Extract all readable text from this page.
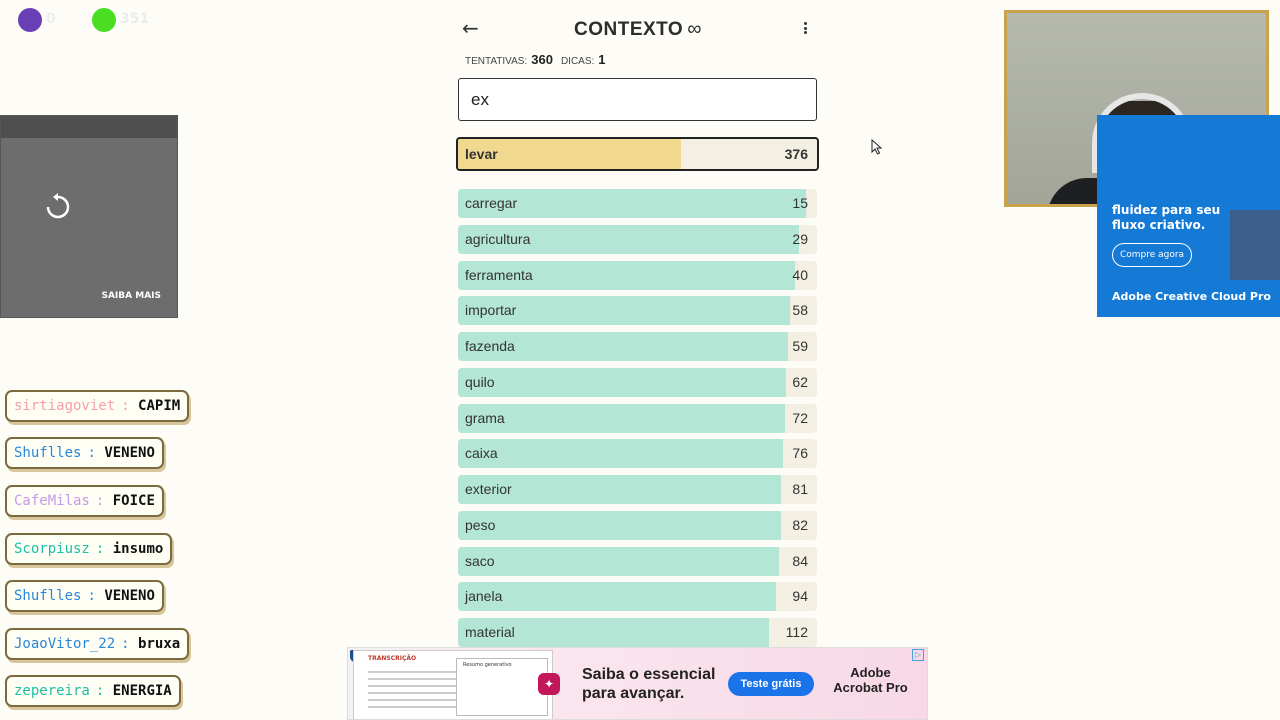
0	351
SAIBA MAIS
sirtiagoviet :
CAPIM
Shuflles :
VENENO
CafeMilas :
FOICE
Scorpiusz :
insumo
Shuflles :
VENENO
JoaoVitor_22 :
bruxa
zepereira :
ENERGIA
←	CONTEXTO ∞
TENTATIVAS: 360 DICAS: 1
ex
levar	376
carregar	15
agricultura	29
ferramenta	40
importar	58
fazenda	59
quilo	62
grama	72
caixa	76
exterior	81
peso	82
saco	84
janela	94
material	112
fluidez para seu
fluxo criativo.
Compre agora
Adobe Creative Cloud Pro
TRANSCRIÇÃO
Resumo generativo
✦
Saiba o essencial
para avançar.
Teste grátis
Adobe
Acrobat Pro
▷
